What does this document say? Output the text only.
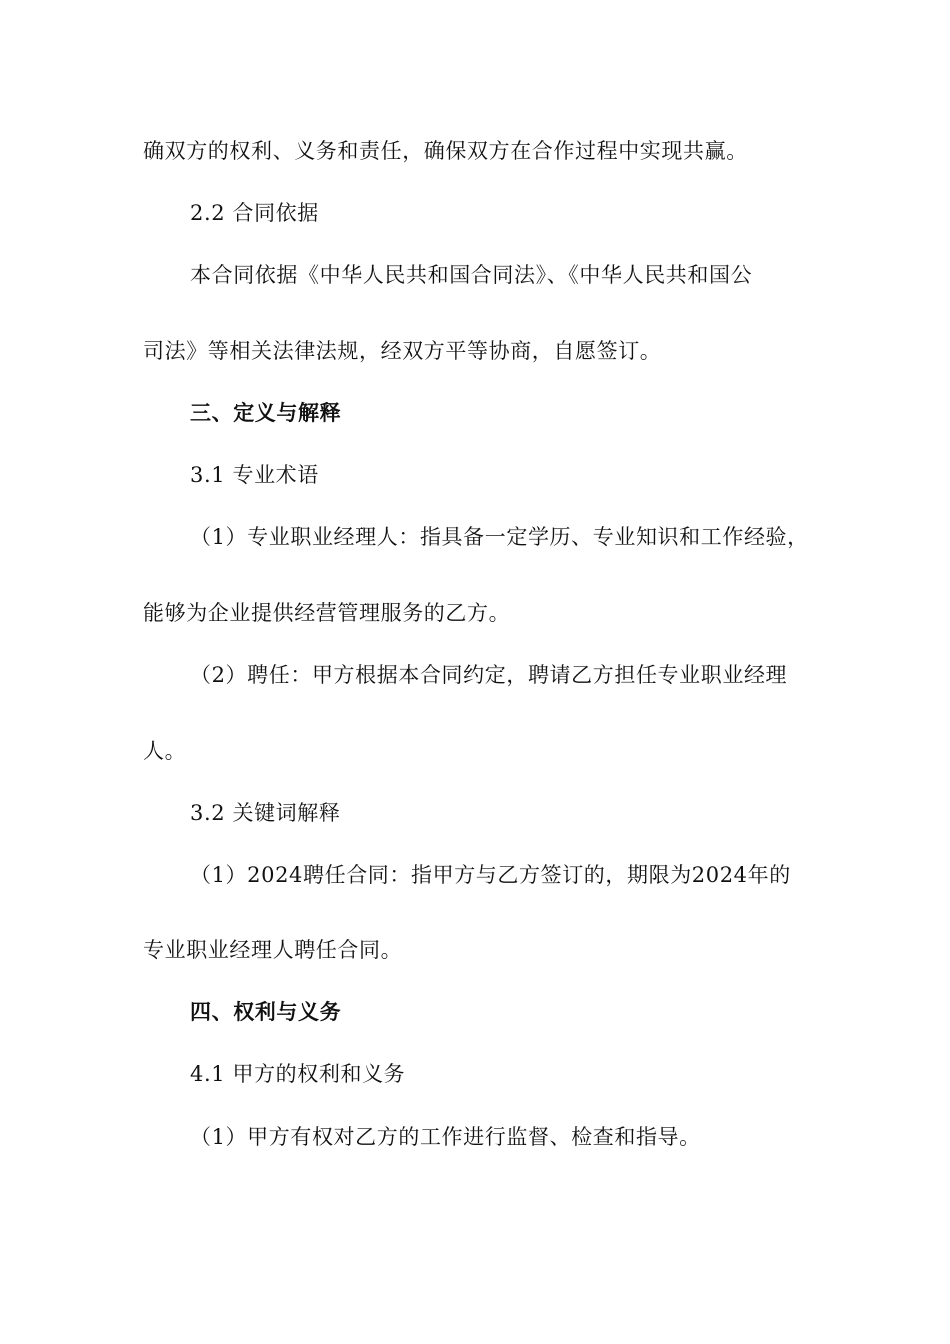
确双方的权利、义务和责任，确保双方在合作过程中实现共赢。
2.2 合同依据
本合同依据《中华人民共和国合同法》、《中华人民共和国公
司法》等相关法律法规，经双方平等协商，自愿签订。
三、定义与解释
3.1 专业术语
（1）专业职业经理人：指具备一定学历、专业知识和工作经验，
能够为企业提供经营管理服务的乙方。
（2）聘任：甲方根据本合同约定，聘请乙方担任专业职业经理
人。
3.2 关键词解释
（1）2024聘任合同：指甲方与乙方签订的，期限为2024年的
专业职业经理人聘任合同。
四、权利与义务
4.1 甲方的权利和义务
（1）甲方有权对乙方的工作进行监督、检查和指导。
